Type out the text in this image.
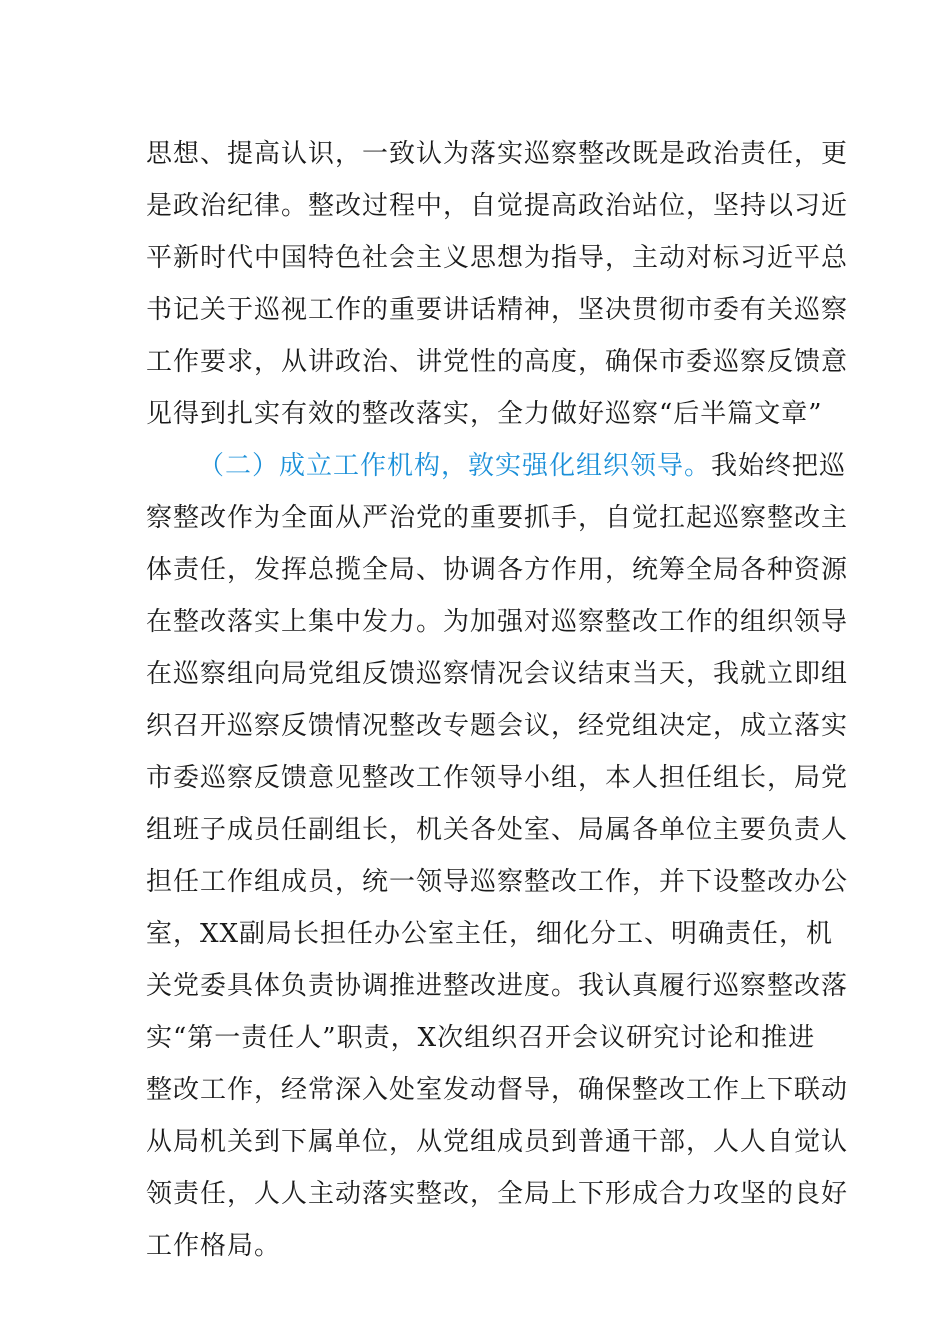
思想、提高认识，一致认为落实巡察整改既是政治责任，更
是政治纪律。整改过程中，自觉提高政治站位，坚持以习近
平新时代中国特色社会主义思想为指导，主动对标习近平总
书记关于巡视工作的重要讲话精神，坚决贯彻市委有关巡察
工作要求，从讲政治、讲党性的高度，确保市委巡察反馈意
见得到扎实有效的整改落实，全力做好巡察“后半篇文章”
（二）成立工作机构，敦实强化组织领导。我始终把巡
察整改作为全面从严治党的重要抓手，自觉扛起巡察整改主
体责任，发挥总揽全局、协调各方作用，统筹全局各种资源
在整改落实上集中发力。为加强对巡察整改工作的组织领导
在巡察组向局党组反馈巡察情况会议结束当天，我就立即组
织召开巡察反馈情况整改专题会议，经党组决定，成立落实
市委巡察反馈意见整改工作领导小组，本人担任组长，局党
组班子成员任副组长，机关各处室、局属各单位主要负责人
担任工作组成员，统一领导巡察整改工作，并下设整改办公
室，XX副局长担任办公室主任，细化分工、明确责任，机
关党委具体负责协调推进整改进度。我认真履行巡察整改落
实“第一责任人”职责，X次组织召开会议研究讨论和推进
整改工作，经常深入处室发动督导，确保整改工作上下联动
从局机关到下属单位，从党组成员到普通干部，人人自觉认
领责任，人人主动落实整改，全局上下形成合力攻坚的良好
工作格局。
